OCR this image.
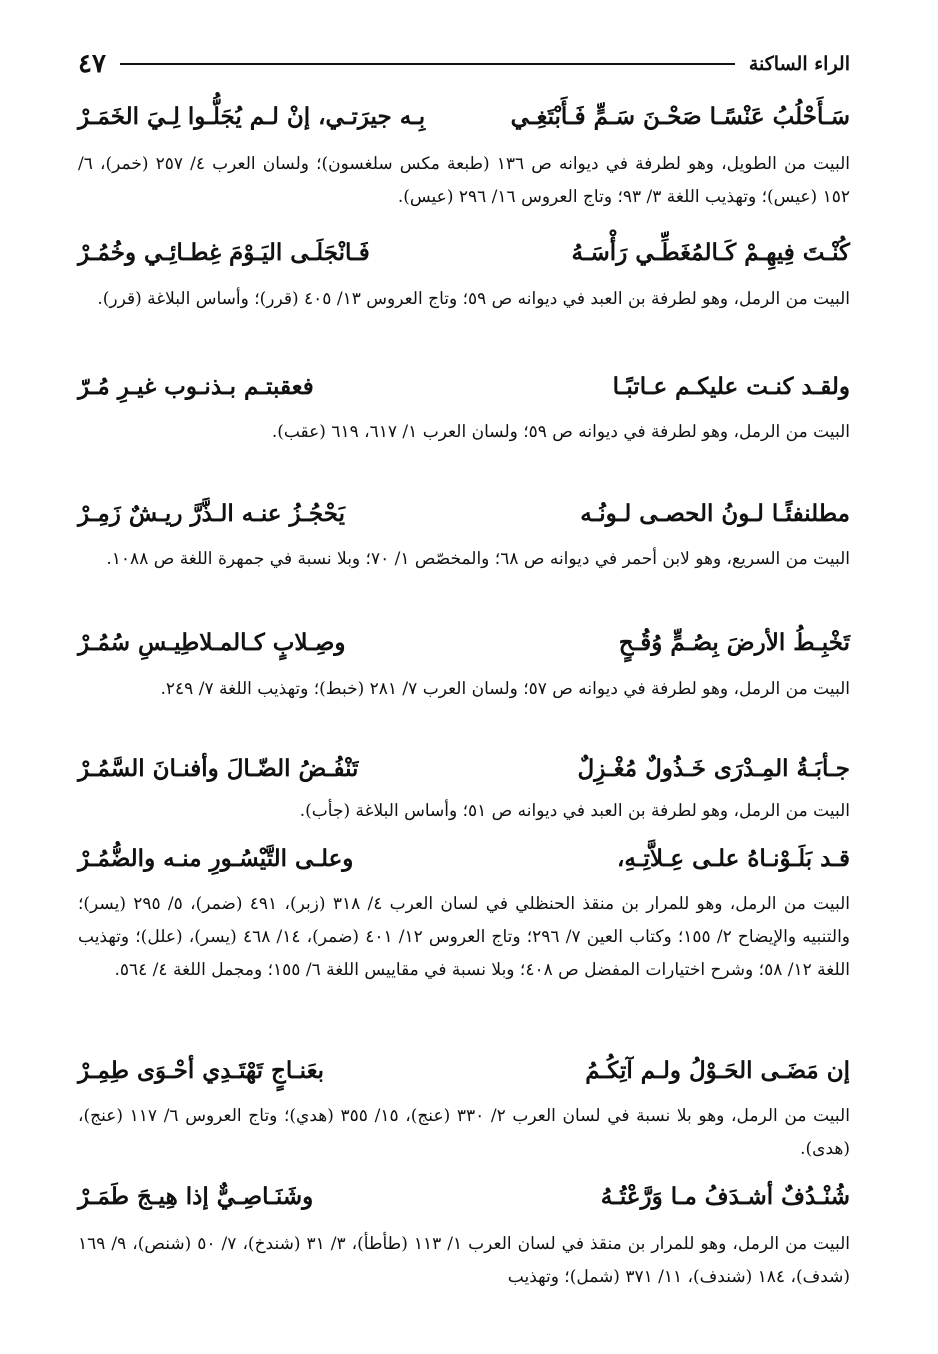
الراء الساكنة
٤٧
سَـأَحْلُبُ عَنْسًـا صَحْـنَ سَـمٍّ فَـأَبْتَغِـي
بِـه جيرَتـي، إنْ لـم يُجَلُّـوا لِـيَ الخَمَـرْ
البيت من الطويل، وهو لطرفة في ديوانه ص ١٣٦ (طبعة مكس سلغسون)؛ ولسان العرب ٤/ ٢٥٧ (خمر)، ٦/ ١٥٢ (عيس)؛ وتهذيب اللغة ٣/ ٩٣؛ وتاج العروس ١٦/ ٢٩٦ (عيس).
كُنْـتَ فِيهِـمْ كَـالمُغَطِّـي رَأْسَـهُ
فَـانْجَلَـى اليَـوْمَ غِطـائِـي وخُمُـرْ
البيت من الرمل، وهو لطرفة بن العبد في ديوانه ص ٥٩؛ وتاج العروس ١٣/ ٤٠٥ (قرر)؛ وأساس البلاغة (قرر).
ولقـد كنـت عليكـم عـاتبًـا
فعقبتـم بـذنـوب غيـرِ مُـرّ
البيت من الرمل، وهو لطرفة في ديوانه ص ٥٩؛ ولسان العرب ١/ ٦١٧، ٦١٩ (عقب).
مطلنفئًـا لـونُ الحصـى لـونُـه
يَحْجُـزُ عنـه الـذَّرَّ ريـشٌ زَمِـرْ
البيت من السريع، وهو لابن أحمر في ديوانه ص ٦٨؛ والمخصّص ١/ ٧٠؛ وبلا نسبة في جمهرة اللغة ص ١٠٨٨.
تَخْبِـطُ الأرضَ بِصُـمٍّ وُقُـحٍ
وصِـلابٍ كـالمـلاطِيـسِ سُمُـرْ
البيت من الرمل، وهو لطرفة في ديوانه ص ٥٧؛ ولسان العرب ٧/ ٢٨١ (خبط)؛ وتهذيب اللغة ٧/ ٢٤٩.
جـأبَـةُ المِـدْرَى خَـذُولٌ مُغْـزِلٌ
تَنْفُـضُ الضّـالَ وأفنـانَ السَّمُـرْ
البيت من الرمل، وهو لطرفة بن العبد في ديوانه ص ٥١؛ وأساس البلاغة (جأب).
قـد بَلَـوْنـاهُ علـى عِـلاَّتِـهِ،
وعلـى التَّيْسُـورِ منـه والضُّمُـرْ
البيت من الرمل، وهو للمرار بن منقذ الحنظلي في لسان العرب ٤/ ٣١٨ (زبر)، ٤٩١ (ضمر)، ٥/ ٢٩٥ (يسر)؛ والتنبيه والإيضاح ٢/ ١٥٥؛ وكتاب العين ٧/ ٢٩٦؛ وتاج العروس ١٢/ ٤٠١ (ضمر)، ١٤/ ٤٦٨ (يسر)، (علل)؛ وتهذيب اللغة ١٢/ ٥٨؛ وشرح اختيارات المفضل ص ٤٠٨؛ وبلا نسبة في مقاييس اللغة ٦/ ١٥٥؛ ومجمل اللغة ٤/ ٥٦٤.
إن مَضَـى الحَـوْلُ ولـم آتِكُـمُ
بعَنـاجٍ تَهْتَـدِي أحْـوَى طِمِـرْ
البيت من الرمل، وهو بلا نسبة في لسان العرب ٢/ ٣٣٠ (عنج)، ١٥/ ٣٥٥ (هدي)؛ وتاج العروس ٦/ ١١٧ (عنج)، (هدى).
شُنْـدُفٌ أشـدَفُ مـا وَرَّعْتُـهُ
وشَنَـاصِـيٌّ إذا هِيـجَ طَمَـرْ
البيت من الرمل، وهو للمرار بن منقذ في لسان العرب ١/ ١١٣ (طأطأ)، ٣/ ٣١ (شندخ)، ٧/ ٥٠ (شنص)، ٩/ ١٦٩ (شدف)، ١٨٤ (شندف)، ١١/ ٣٧١ (شمل)؛ وتهذيب
